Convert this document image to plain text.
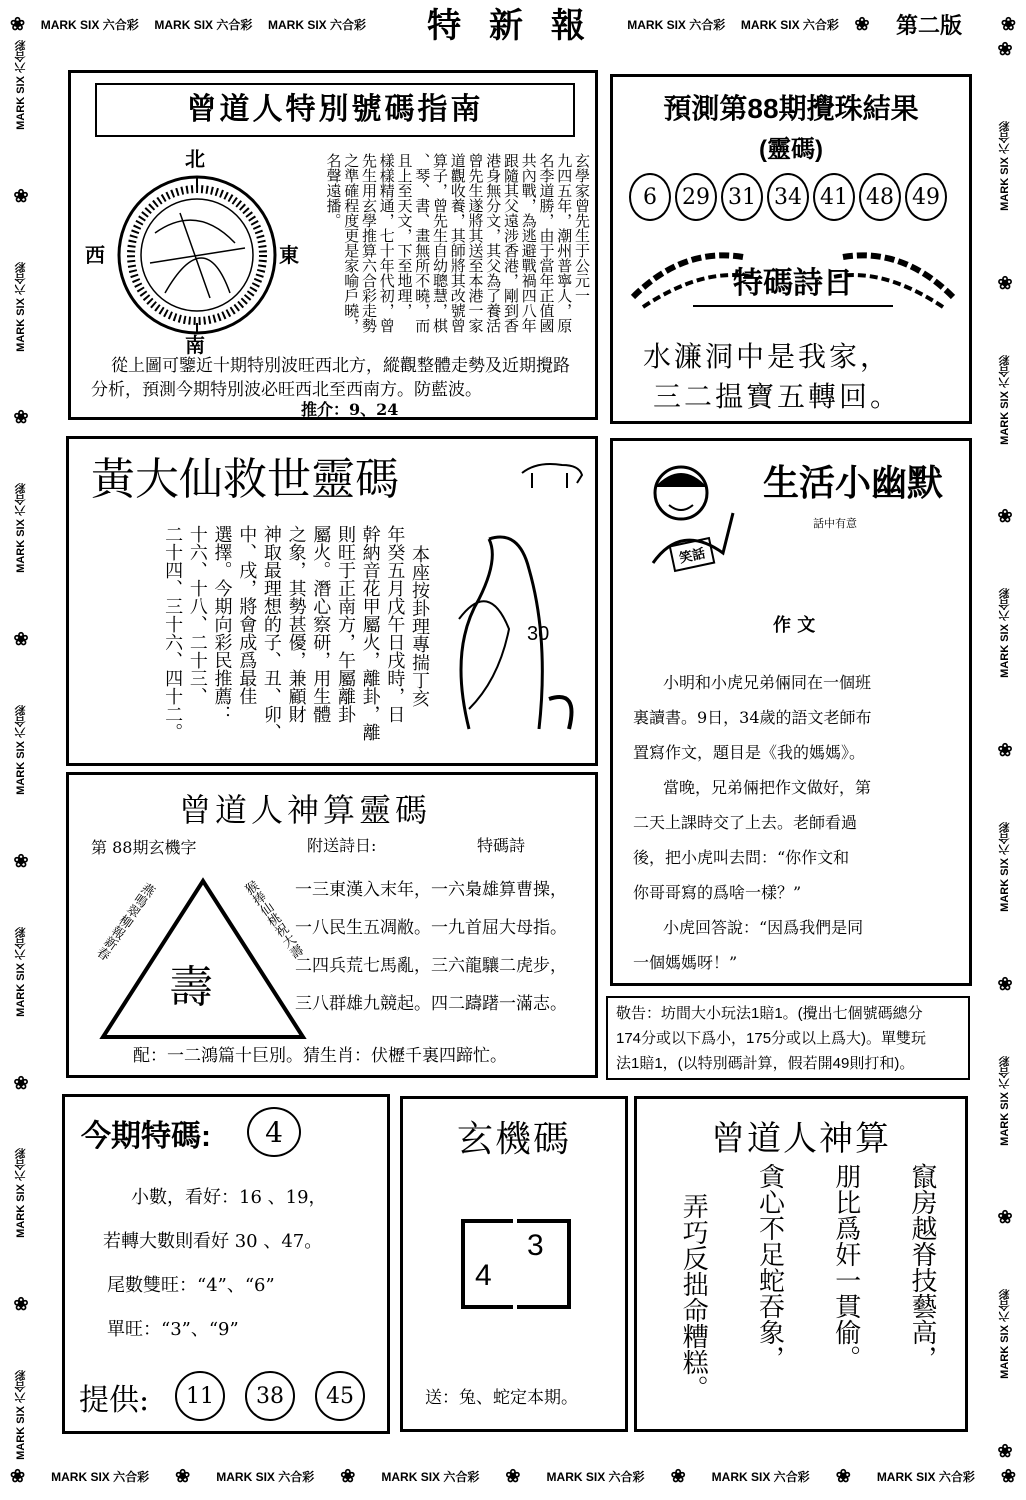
❀ MARK SIX 六合彩 MARK SIX 六合彩 MARK SIX 六合彩	MARK SIX 六合彩 MARK SIX 六合彩 ❀	❀
特 新 報	第二版
❀ MARK SIX 六合彩 ❀ MARK SIX 六合彩 ❀ MARK SIX 六合彩 ❀ MARK SIX 六合彩 ❀ MARK SIX 六合彩 ❀ MARK SIX 六合彩 ❀
MARK SIX 六合彩
❀
MARK SIX 六合彩
❀
MARK SIX 六合彩
❀
MARK SIX 六合彩
❀
MARK SIX 六合彩
❀
MARK SIX 六合彩
❀
MARK SIX 六合彩
❀
MARK SIX 六合彩
❀
MARK SIX 六合彩
❀
MARK SIX 六合彩
❀
MARK SIX 六合彩
❀
MARK SIX 六合彩
❀
MARK SIX 六合彩
❀
曾道人特別號碼指南
北
南
西	東	玄學家曾先生于公元一
九四五年，潮州普寧人，原
名李道勝，由于當年正值國
共內戰，為逃避戰禍四八年
跟隨其父遠涉香港，剛到香
港身無分文，其父為了養活
曾先生遂將其送至本港一家
道觀收養，其師將其改號曾
算子，曾先生自幼聰慧，棋
、琴、書、畫無所不曉，而
且上至天文，下至地理，
樣樣精通，七十年代初，曾
先生用玄學推算六合彩走勢
之準確程度更是家喻戶曉，
名聲遠播。
從上圖可鑒近十期特別波旺西北方，縱觀整體走勢及近期攪路
分析，預測今期特別波必旺西北至西南方。防藍波。
推介：9、24
預測第88期攪珠結果
(靈碼)
6	29 31 34 41 48 49
特碼詩日
水濂洞中是我家，
三二揾寶五轉回。
黃大仙救世靈碼
30
本座按卦理專揣丁亥
年癸五月戊午日戌時，日
幹納音花甲屬火，離卦，離
則旺于正南方，午屬離卦
屬火。潛心察研，用生體
之象，其勢甚優，兼顧財
神取最理想的子、丑、卯、
中、戌，將會成爲最佳
選擇。今期向彩民推薦：
十六、十八、二十三、
二十四、三十六、四十二。	笑話
生活小幽默
話中有意
作 文
小明和小虎兄弟倆同在一個班
裏讀書。9日，34歲的語文老師布
置寫作文，題目是《我的媽媽》。
當晚，兄弟倆把作文做好，第
二天上課時交了上去。老師看過
後，把小虎叫去問：“你作文和
你哥哥寫的爲啥一樣？”
小虎回答說：“因爲我們是同
一個媽媽呀！”
敬告：坊間大小玩法1賠1。(攪出七個號碼總分
174分或以下爲小，175分或以上爲大)。單雙玩
法1賠1，(以特別碼計算，假若開49則打和)。
曾道人神算靈碼
第 88期玄機字	附送詩日:	特碼詩
壽
燕鳴翠柳報新春	猴捧仙桃祝大壽
一三東漢入末年，一六梟雄算曹操，
一八民生五凋敝。一九首屈大母指。
二四兵荒七馬亂，三六龍驤二虎步，
三八群雄九競起。四二躊躇一滿志。
配：一二鴻篇十巨別。猜生肖：伏櫪千裏四蹄忙。
今期特碼:	4
小數，看好：16 、19，
若轉大數則看好 30 、47。
尾數雙旺：“4”、“6”
單旺：“3”、“9”
提供:	11	38	45
玄機碼
4
3
送：兔、蛇定本期。
曾道人神算
竄房越脊技藝高，
朋比爲奸一貫偷。
貪心不足蛇吞象，
弄巧反拙命糟糕。
